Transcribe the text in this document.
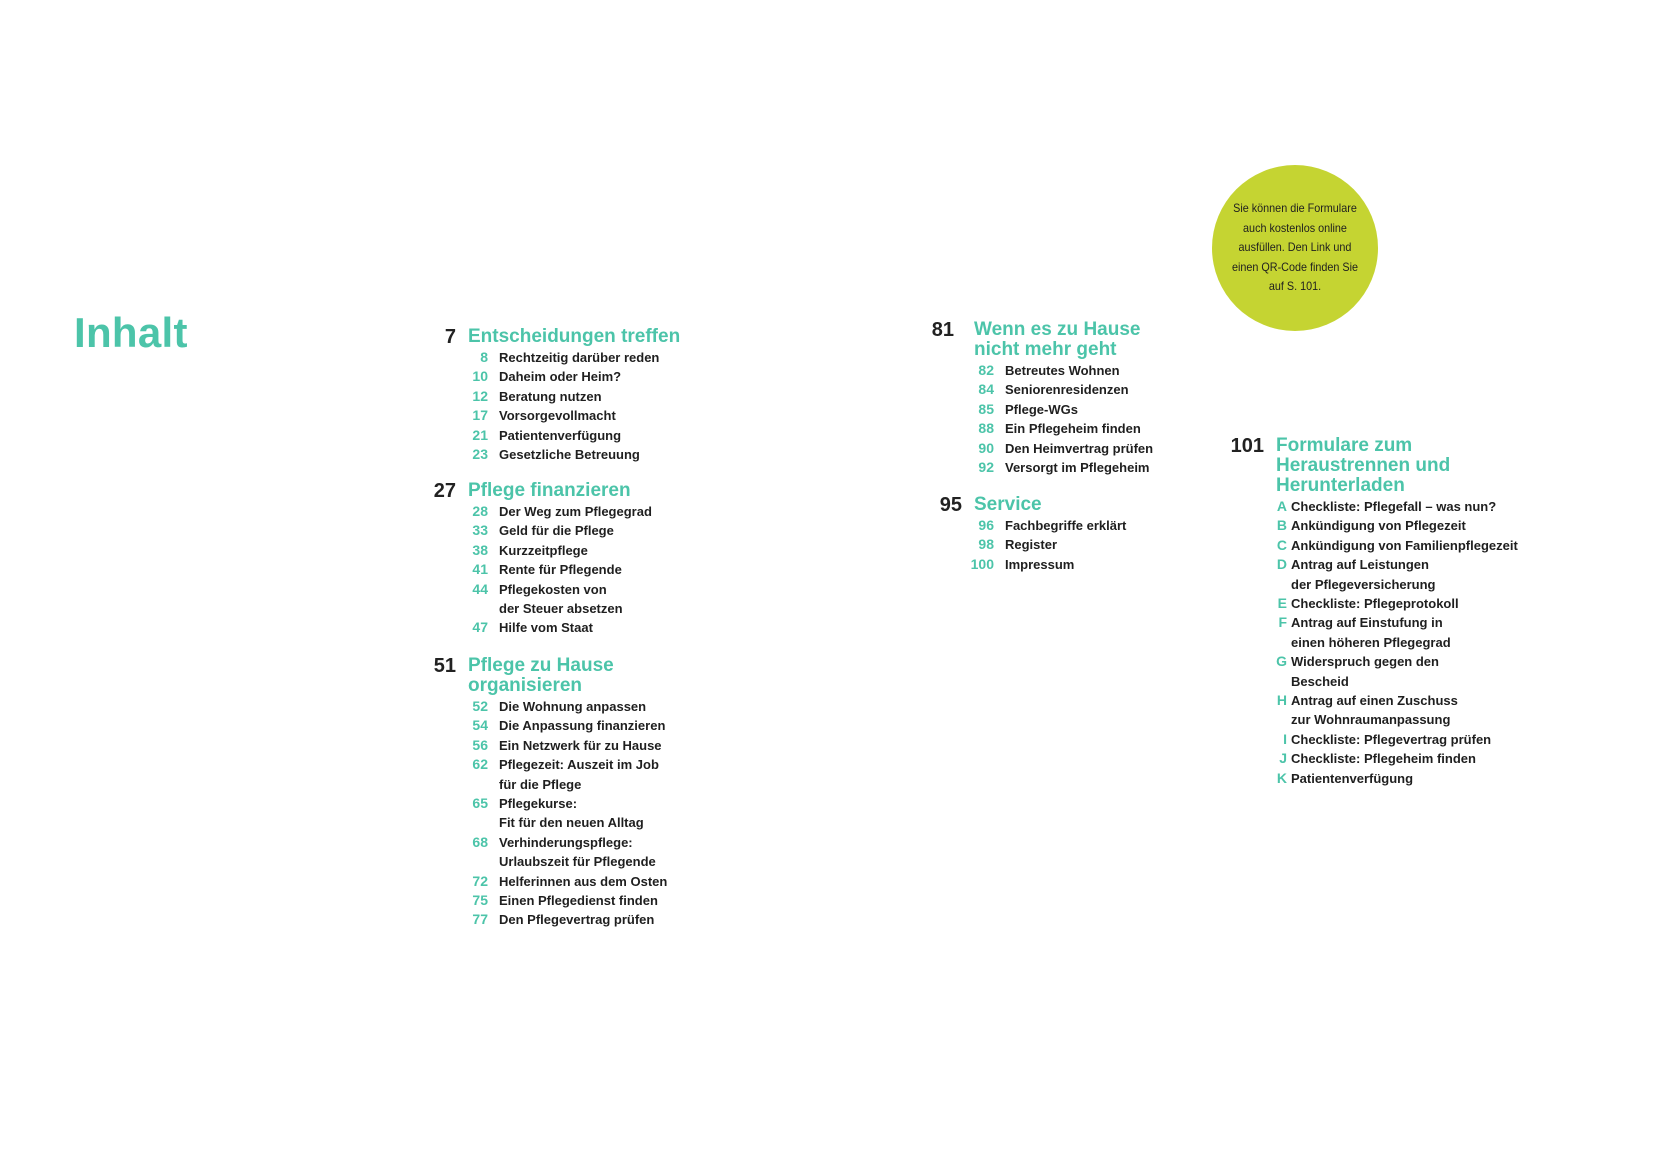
Inhalt
Sie können die Formulare auch kostenlos online ausfüllen. Den Link und einen QR-Code finden Sie auf S. 101.
7 Entscheidungen treffen
8 Rechtzeitig darüber reden
10 Daheim oder Heim?
12 Beratung nutzen
17 Vorsorgevollmacht
21 Patientenverfügung
23 Gesetzliche Betreuung
27 Pflege finanzieren
28 Der Weg zum Pflegegrad
33 Geld für die Pflege
38 Kurzzeitpflege
41 Rente für Pflegende
44 Pflegekosten von
der Steuer absetzen
47 Hilfe vom Staat
51 Pflege zu Hause
organisieren
52 Die Wohnung anpassen
54 Die Anpassung finanzieren
56 Ein Netzwerk für zu Hause
62 Pflegezeit: Auszeit im Job
für die Pflege
65 Pflegekurse:
Fit für den neuen Alltag
68 Verhinderungspflege:
Urlaubszeit für Pflegende
72 Helferinnen aus dem Osten
75 Einen Pflegedienst finden
77 Den Pflegevertrag prüfen
81 Wenn es zu Hause
nicht mehr geht
82 Betreutes Wohnen
84 Seniorenresidenzen
85 Pflege-WGs
88 Ein Pflegeheim finden
90 Den Heimvertrag prüfen
92 Versorgt im Pflegeheim
95 Service
96 Fachbegriffe erklärt
98 Register
100 Impressum
101 Formulare zum
Heraustrennen und
Herunterladen
A Checkliste: Pflegefall – was nun?
B Ankündigung von Pflegezeit
C Ankündigung von Familienpflegezeit
D Antrag auf Leistungen
der Pflegeversicherung
E Checkliste: Pflegeprotokoll
F Antrag auf Einstufung in
einen höheren Pflegegrad
G Widerspruch gegen den
Bescheid
H Antrag auf einen Zuschuss
zur Wohnraumanpassung
I Checkliste: Pflegevertrag prüfen
J Checkliste: Pflegeheim finden
K Patientenverfügung
